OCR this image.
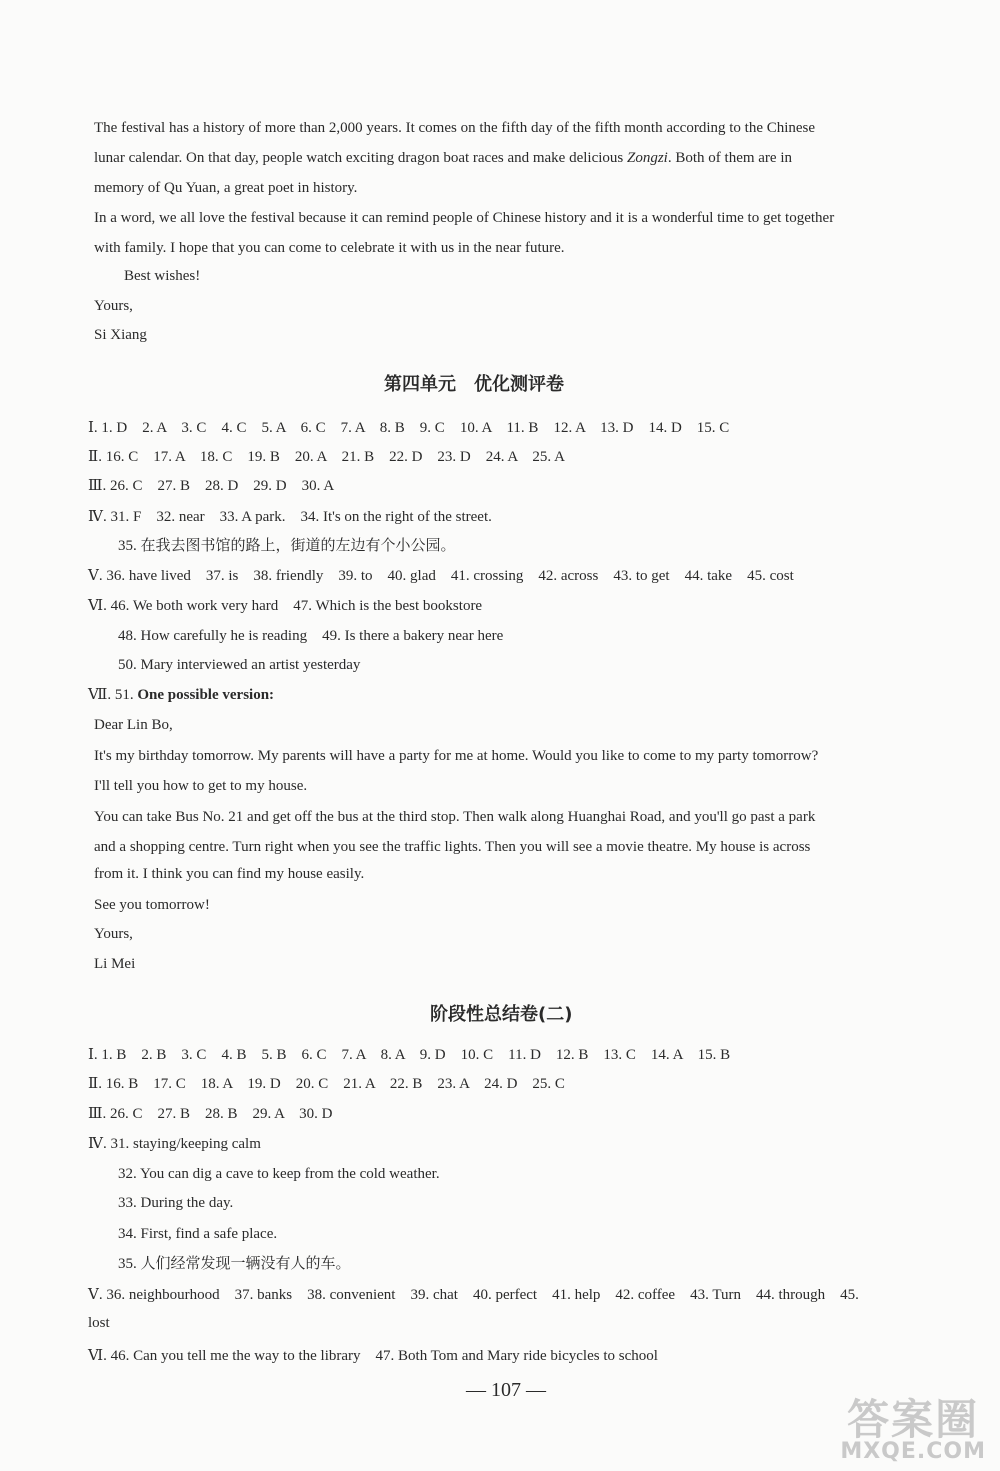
The festival has a history of more than 2,000 years. It comes on the fifth day of the fifth month according to the Chinese
lunar calendar. On that day, people watch exciting dragon boat races and make delicious Zongzi. Both of them are in
memory of Qu Yuan, a great poet in history.
In a word, we all love the festival because it can remind people of Chinese history and it is a wonderful time to get together
with family. I hope that you can come to celebrate it with us in the near future.
Best wishes!
Yours,
Si Xiang
第四单元　优化测评卷
Ⅰ. 1. D　2. A　3. C　4. C　5. A　6. C　7. A　8. B　9. C　10. A　11. B　12. A　13. D　14. D　15. C
Ⅱ. 16. C　17. A　18. C　19. B　20. A　21. B　22. D　23. D　24. A　25. A
Ⅲ. 26. C　27. B　28. D　29. D　30. A
Ⅳ. 31. F　32. near　33. A park.　34. It's on the right of the street.
35. 在我去图书馆的路上，街道的左边有个小公园。
Ⅴ. 36. have lived　37. is　38. friendly　39. to　40. glad　41. crossing　42. across　43. to get　44. take　45. cost
Ⅵ. 46. We both work very hard　47. Which is the best bookstore
48. How carefully he is reading　49. Is there a bakery near here
50. Mary interviewed an artist yesterday
Ⅶ. 51. One possible version:
Dear Lin Bo,
It's my birthday tomorrow. My parents will have a party for me at home. Would you like to come to my party tomorrow?
I'll tell you how to get to my house.
You can take Bus No. 21 and get off the bus at the third stop. Then walk along Huanghai Road, and you'll go past a park
and a shopping centre. Turn right when you see the traffic lights. Then you will see a movie theatre. My house is across
from it. I think you can find my house easily.
See you tomorrow!
Yours,
Li Mei
阶段性总结卷(二)
Ⅰ. 1. B　2. B　3. C　4. B　5. B　6. C　7. A　8. A　9. D　10. C　11. D　12. B　13. C　14. A　15. B
Ⅱ. 16. B　17. C　18. A　19. D　20. C　21. A　22. B　23. A　24. D　25. C
Ⅲ. 26. C　27. B　28. B　29. A　30. D
Ⅳ. 31. staying/keeping calm
32. You can dig a cave to keep from the cold weather.
33. During the day.
34. First, find a safe place.
35. 人们经常发现一辆没有人的车。
Ⅴ. 36. neighbourhood　37. banks　38. convenient　39. chat　40. perfect　41. help　42. coffee　43. Turn　44. through　45.
lost
Ⅵ. 46. Can you tell me the way to the library　47. Both Tom and Mary ride bicycles to school
— 107 —
答案圈
MXQE.COM
